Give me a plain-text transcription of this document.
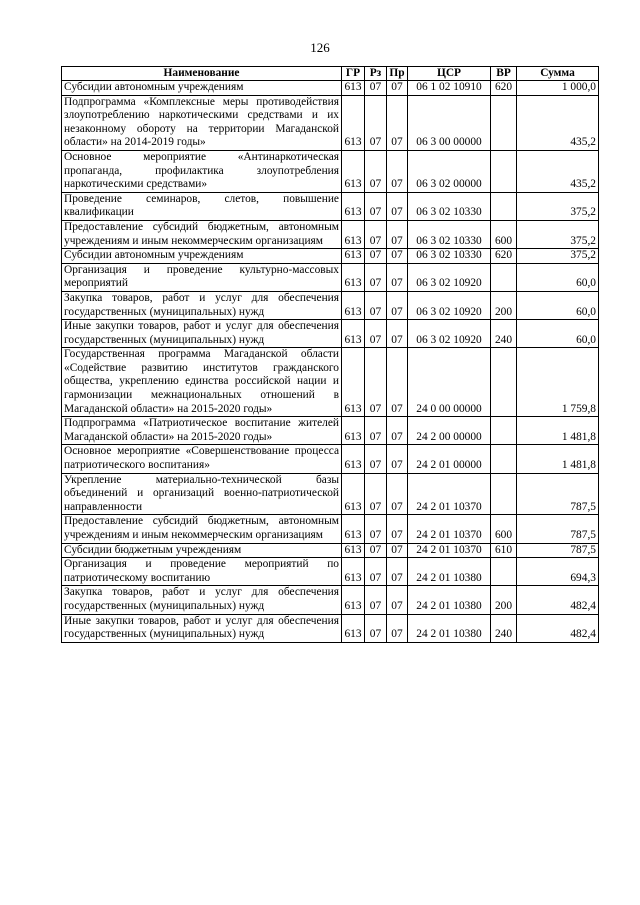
126
Наименование	ГР	Рз	Пр	ЦСР	ВР	Сумма
Субсидии автономным учреждениям	613	07	07	06 1 02 10910	620	1 000,0
Подпрограмма «Комплексные меры противодействия злоупотреблению наркотическими средствами и их незаконному обороту на территории Магаданской области» на 2014-2019 годы»	613	07	07	06 3 00 00000		435,2
Основное мероприятие «Антинаркотическая пропаганда, профилактика злоупотребления наркотическими средствами»	613	07	07	06 3 02 00000		435,2
Проведение семинаров, слетов, повышение квалификации	613	07	07	06 3 02 10330		375,2
Предоставление субсидий бюджетным, автономным учреждениям и иным некоммерческим организациям	613	07	07	06 3 02 10330	600	375,2
Субсидии автономным учреждениям	613	07	07	06 3 02 10330	620	375,2
Организация и проведение культурно-массовых мероприятий	613	07	07	06 3 02 10920		60,0
Закупка товаров, работ и услуг для обеспечения государственных (муниципальных) нужд	613	07	07	06 3 02 10920	200	60,0
Иные закупки товаров, работ и услуг для обеспечения государственных (муниципальных) нужд	613	07	07	06 3 02 10920	240	60,0
Государственная программа Магаданской области «Содействие развитию институтов гражданского общества, укреплению единства российской нации и гармонизации межнациональных отношений в Магаданской области» на 2015-2020 годы»	613	07	07	24 0 00 00000		1 759,8
Подпрограмма «Патриотическое воспитание жителей Магаданской области» на 2015-2020 годы»	613	07	07	24 2 00 00000		1 481,8
Основное мероприятие «Совершенствование процесса патриотического воспитания»	613	07	07	24 2 01 00000		1 481,8
Укрепление материально-технической базы объединений и организаций военно-патриотической направленности	613	07	07	24 2 01 10370		787,5
Предоставление субсидий бюджетным, автономным учреждениям и иным некоммерческим организациям	613	07	07	24 2 01 10370	600	787,5
Субсидии бюджетным учреждениям	613	07	07	24 2 01 10370	610	787,5
Организация и проведение мероприятий по патриотическому воспитанию	613	07	07	24 2 01 10380		694,3
Закупка товаров, работ и услуг для обеспечения государственных (муниципальных) нужд	613	07	07	24 2 01 10380	200	482,4
Иные закупки товаров, работ и услуг для обеспечения государственных (муниципальных) нужд	613	07	07	24 2 01 10380	240	482,4
